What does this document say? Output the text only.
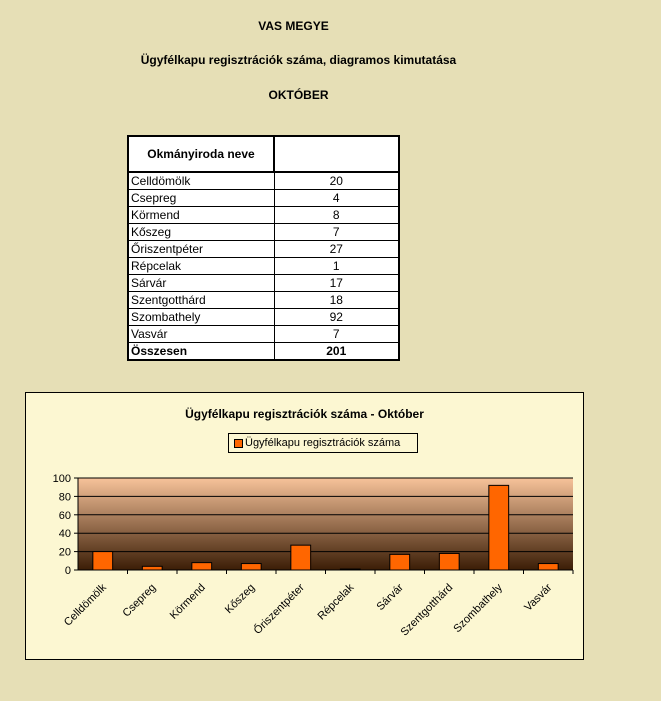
VAS MEGYE
Ügyfélkapu regisztrációk száma, diagramos kimutatása
OKTÓBER
Okmányiroda neve	
Celldömölk	20
Csepreg	4
Körmend	8
Kőszeg	7
Őriszentpéter	27
Répcelak	1
Sárvár	17
Szentgotthárd	18
Szombathely	92
Vasvár	7
Összesen	201
Ügyfélkapu regisztrációk száma - Október
Ügyfélkapu regisztrációk száma
0
20
40
60
80
100
Celldömölk Csepreg Körmend Kőszeg
Őriszentpéter Répcelak Sárvár
Szentgotthárd
Szombathely Vasvár
